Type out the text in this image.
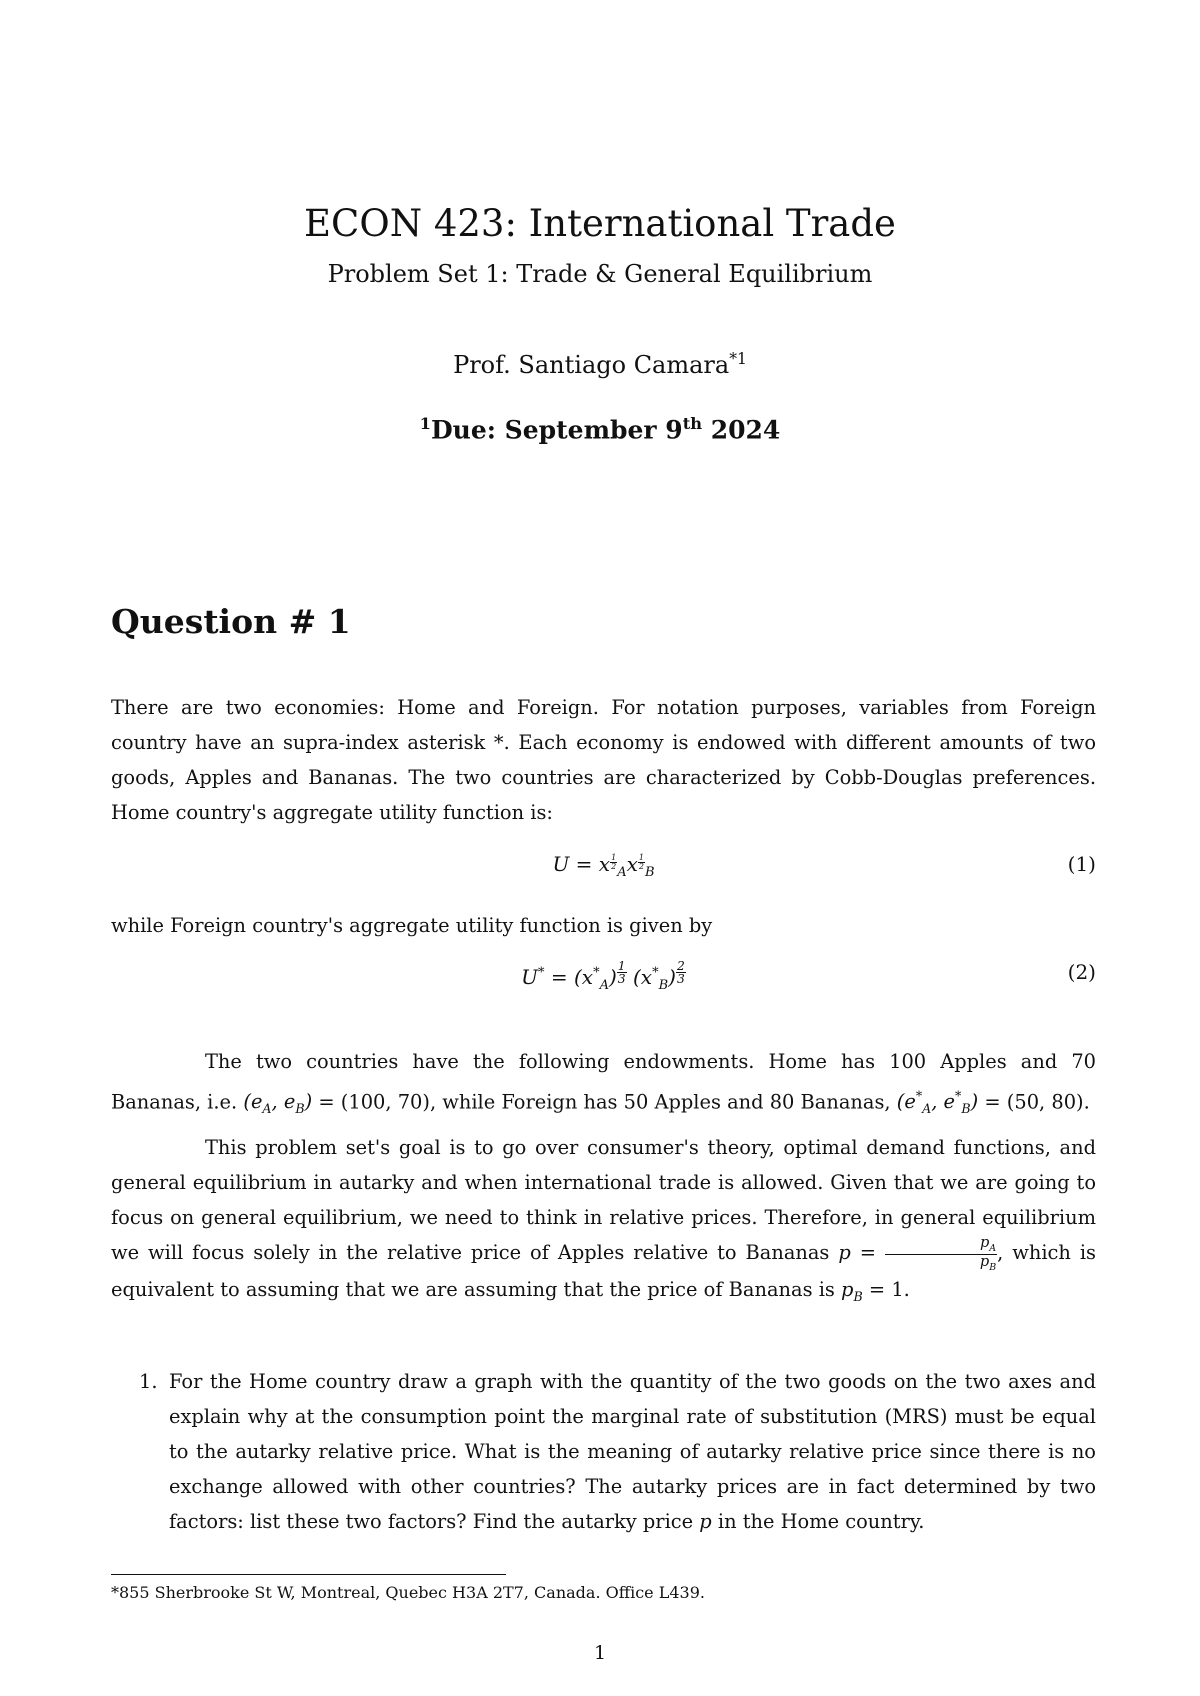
ECON 423: International Trade
Problem Set 1: Trade & General Equilibrium
Prof. Santiago Camara$^{*1}$
$^1$Due: September 9th 2024
Question # 1
There are two economies: Home and Foreign. For notation purposes, variables from Foreign country have an supra-index asterisk *. Each economy is endowed with different amounts of two goods, Apples and Bananas. The two countries are characterized by Cobb-Douglas preferences. Home country's aggregate utility function is:
U = x $_{\frac{1}{2}}$
$_A$x $_{\frac{1}{2}}$
$_B$	(1)
while Foreign country's aggregate utility function is given by
$U^* = (x^*_A)$ $^{\frac{1}{3}}$ $(x^*_B)$ $^{\frac{2}{3}}$	(2)
The two countries have the following endowments. Home has 100 Apples and 70 Bananas, i.e. ($e_A$, $e_B) = (100$, 70), while Foreign has 50 Apples and 80 Bananas, ($e^*_A$, $e^*_B) = (50$, 80).
This problem set's goal is to go over consumer's theory, optimal demand functions, and general equilibrium in autarky and when international trade is allowed. Given that we are going to focus on general equilibrium, we need to think in relative prices. Therefore, in general equilibrium we will focus solely in the relative price of Apples relative to Bananas $p = \frac{p_A}{p_B}$ , which is equivalent to assuming that we are assuming that the price of Bananas is $p_B = 1$.
1. For the Home country draw a graph with the quantity of the two goods on the two axes and explain why at the consumption point the marginal rate of substitution (MRS) must be equal to the autarky relative price. What is the meaning of autarky relative price since there is no exchange allowed with other countries? The autarky prices are in fact determined by two factors: list these two factors? Find the autarky price p in the Home country.
*855 Sherbrooke St W, Montreal, Quebec H3A 2T7, Canada. Office L439.
1
